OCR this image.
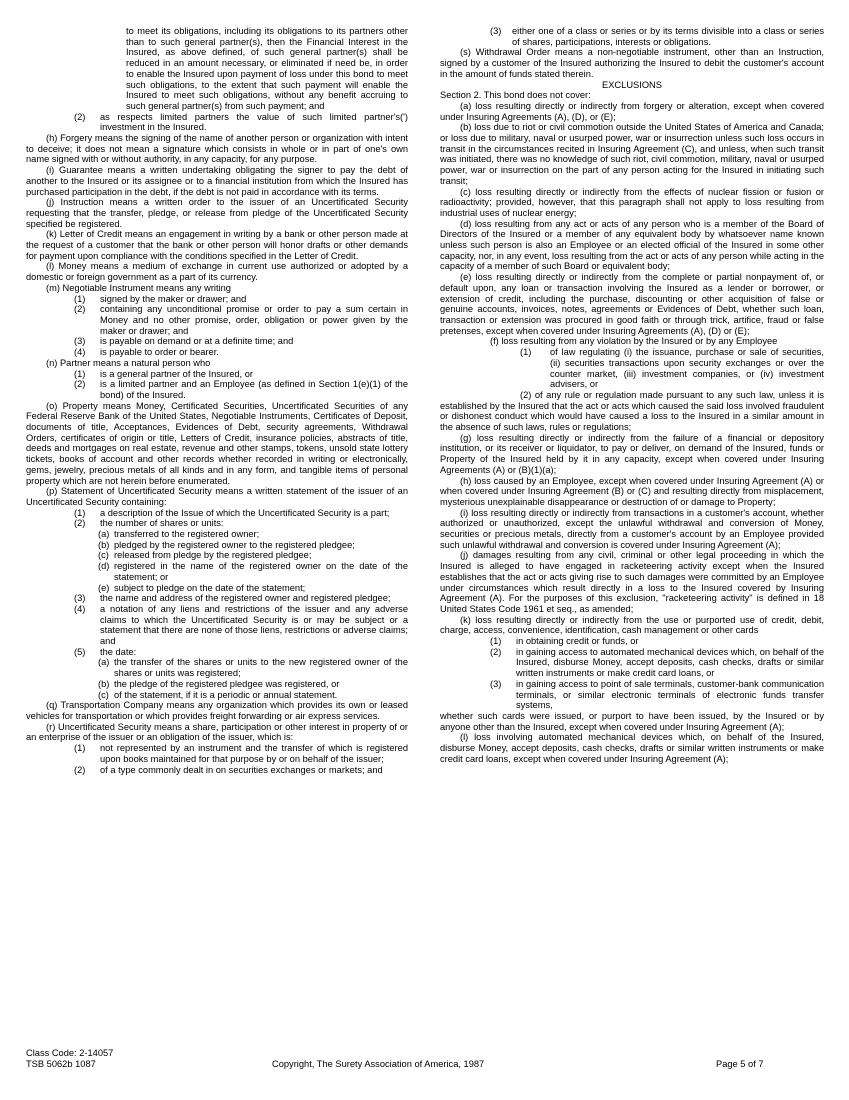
to meet its obligations, including its obligations to its partners other than to such general partner(s), then the Financial Interest in the Insured, as above defined, of such general partner(s) shall be reduced in an amount necessary, or eliminated if need be, in order to enable the Insured upon payment of loss under this bond to meet such obligations, to the extent that such payment will enable the Insured to meet such obligations, without any benefit accruing to such general partner(s) from such payment; and

(2) as respects limited partners the value of such limited partner's(') investment in the Insured.

(h) Forgery means the signing of the name of another person or organization with intent to deceive; it does not mean a signature which consists in whole or in part of one's own name signed with or without authority, in any capacity, for any purpose.

(i) Guarantee means a written undertaking obligating the signer to pay the debt of another to the Insured or its assignee or to a financial institution from which the Insured has purchased participation in the debt, if the debt is not paid in accordance with its terms.

(j) Instruction means a written order to the issuer of an Uncertificated Security requesting that the transfer, pledge, or release from pledge of the Uncertificated Security specified be registered.

(k) Letter of Credit means an engagement in writing by a bank or other person made at the request of a customer that the bank or other person will honor drafts or other demands for payment upon compliance with the conditions specified in the Letter of Credit.

(l) Money means a medium of exchange in current use authorized or adopted by a domestic or foreign government as a part of its currency.

(m) Negotiable Instrument means any writing

(1) signed by the maker or drawer; and
(2) containing any unconditional promise or order to pay a sum certain in Money and no other promise, order, obligation or power given by the maker or drawer; and
(3) is payable on demand or at a definite time; and
(4) is payable to order or bearer.

(n) Partner means a natural person who

(1) is a general partner of the Insured, or
(2) is a limited partner and an Employee (as defined in Section 1(e)(1) of the bond) of the Insured.

(o) Property means Money, Certificated Securities, Uncertificated Securities of any Federal Reserve Bank of the United States, Negotiable Instruments, Certificates of Deposit, documents of title, Acceptances, Evidences of Debt, security agreements, Withdrawal Orders, certificates of origin or title, Letters of Credit, insurance policies, abstracts of title, deeds and mortgages on real estate, revenue and other stamps, tokens, unsold state lottery tickets, books of account and other records whether recorded in writing or electronically, gems, jewelry, precious metals of all kinds and in any form, and tangible items of personal property which are not herein before enumerated.

(p) Statement of Uncertificated Security means a written statement of the issuer of an Uncertificated Security containing:

(1) a description of the Issue of which the Uncertificated Security is a part;
(2) the number of shares or units:
(a) transferred to the registered owner;
(b) pledged by the registered owner to the registered pledgee;
(c) released from pledge by the registered pledgee;
(d) registered in the name of the registered owner on the date of the statement; or
(e) subject to pledge on the date of the statement;
(3) the name and address of the registered owner and registered pledgee;
(4) a notation of any liens and restrictions of the issuer and any adverse claims to which the Uncertificated Security is or may be subject or a statement that there are none of those liens, restrictions or adverse claims; and
(5) the date:
(a) the transfer of the shares or units to the new registered owner of the shares or units was registered;
(b) the pledge of the registered pledgee was registered, or
(c) of the statement, if it is a periodic or annual statement.

(q) Transportation Company means any organization which provides its own or leased vehicles for transportation or which provides freight forwarding or air express services.

(r) Uncertificated Security means a share, participation or other interest in property of or an enterprise of the issuer or an obligation of the issuer, which is:

(1) not represented by an instrument and the transfer of which is registered upon books maintained for that purpose by or on behalf of the issuer;
(2) of a type commonly dealt in on securities exchanges or markets; and
(3) either one of a class or series or by its terms divisible into a class or series of shares, participations, interests or obligations.

(s) Withdrawal Order means a non-negotiable instrument, other than an Instruction, signed by a customer of the Insured authorizing the Insured to debit the customer's account in the amount of funds stated therein.

EXCLUSIONS

Section 2. This bond does not cover:

(a) loss resulting directly or indirectly from forgery or alteration, except when covered under Insuring Agreements (A), (D), or (E);

(b) loss due to riot or civil commotion outside the United States of America and Canada; or loss due to military, naval or usurped power, war or insurrection unless such loss occurs in transit in the circumstances recited in Insuring Agreement (C), and unless, when such transit was initiated, there was no knowledge of such riot, civil commotion, military, naval or usurped power, war or insurrection on the part of any person acting for the Insured in initiating such transit;

(c) loss resulting directly or indirectly from the effects of nuclear fission or fusion or radioactivity; provided, however, that this paragraph shall not apply to loss resulting from industrial uses of nuclear energy;

(d) loss resulting from any act or acts of any person who is a member of the Board of Directors of the Insured or a member of any equivalent body by whatsoever name known unless such person is also an Employee or an elected official of the Insured in some other capacity, nor, in any event, loss resulting from the act or acts of any person while acting in the capacity of a member of such Board or equivalent body;

(e) loss resulting directly or indirectly from the complete or partial nonpayment of, or default upon, any loan or transaction involving the Insured as a lender or borrower, or extension of credit, including the purchase, discounting or other acquisition of false or genuine accounts, invoices, notes, agreements or Evidences of Debt, whether such loan, transaction or extension was procured in good faith or through trick, artifice, fraud or false pretenses, except when covered under Insuring Agreements (A), (D) or (E);

(f) loss resulting from any violation by the Insured or by any Employee

(1) of law regulating (i) the issuance, purchase or sale of securities, (ii) securities transactions upon security exchanges or over the counter market, (iii) investment companies, or (iv) investment advisers, or

(2) of any rule or regulation made pursuant to any such law, unless it is established by the Insured that the act or acts which caused the said loss involved fraudulent or dishonest conduct which would have caused a loss to the Insured in a similar amount in the absence of such laws, rules or regulations;

(g) loss resulting directly or indirectly from the failure of a financial or depository institution, or its receiver or liquidator, to pay or deliver, on demand of the Insured, funds or Property of the Insured held by it in any capacity, except when covered under Insuring Agreements (A) or (B)(1)(a);

(h) loss caused by an Employee, except when covered under Insuring Agreement (A) or when covered under Insuring Agreement (B) or (C) and resulting directly from misplacement, mysterious unexplainable disappearance or destruction of or damage to Property;

(i) loss resulting directly or indirectly from transactions in a customer's account, whether authorized or unauthorized, except the unlawful withdrawal and conversion of Money, securities or precious metals, directly from a customer's account by an Employee provided such unlawful withdrawal and conversion is covered under Insuring Agreement (A);

(j) damages resulting from any civil, criminal or other legal proceeding in which the Insured is alleged to have engaged in racketeering activity except when the Insured establishes that the act or acts giving rise to such damages were committed by an Employee under circumstances which result directly in a loss to the Insured covered by Insuring Agreement (A). For the purposes of this exclusion, "racketeering activity" is defined in 18 United States Code 1961 et seq., as amended;

(k) loss resulting directly or indirectly from the use or purported use of credit, debit, charge, access, convenience, identification, cash management or other cards

(1) in obtaining credit or funds, or
(2) in gaining access to automated mechanical devices which, on behalf of the Insured, disburse Money, accept deposits, cash checks, drafts or similar written instruments or make credit card loans, or
(3) in gaining access to point of sale terminals, customer-bank communication terminals, or similar electronic terminals of electronic funds transfer systems,

whether such cards were issued, or purport to have been issued, by the Insured or by anyone other than the Insured, except when covered under Insuring Agreement (A);

(l) loss involving automated mechanical devices which, on behalf of the Insured, disburse Money, accept deposits, cash checks, drafts or similar written instruments or make credit card loans, except when covered under Insuring Agreement (A);

Class Code: 2-14057
TSB 5062b 1087	Copyright, The Surety Association of America, 1987	Page 5 of 7
